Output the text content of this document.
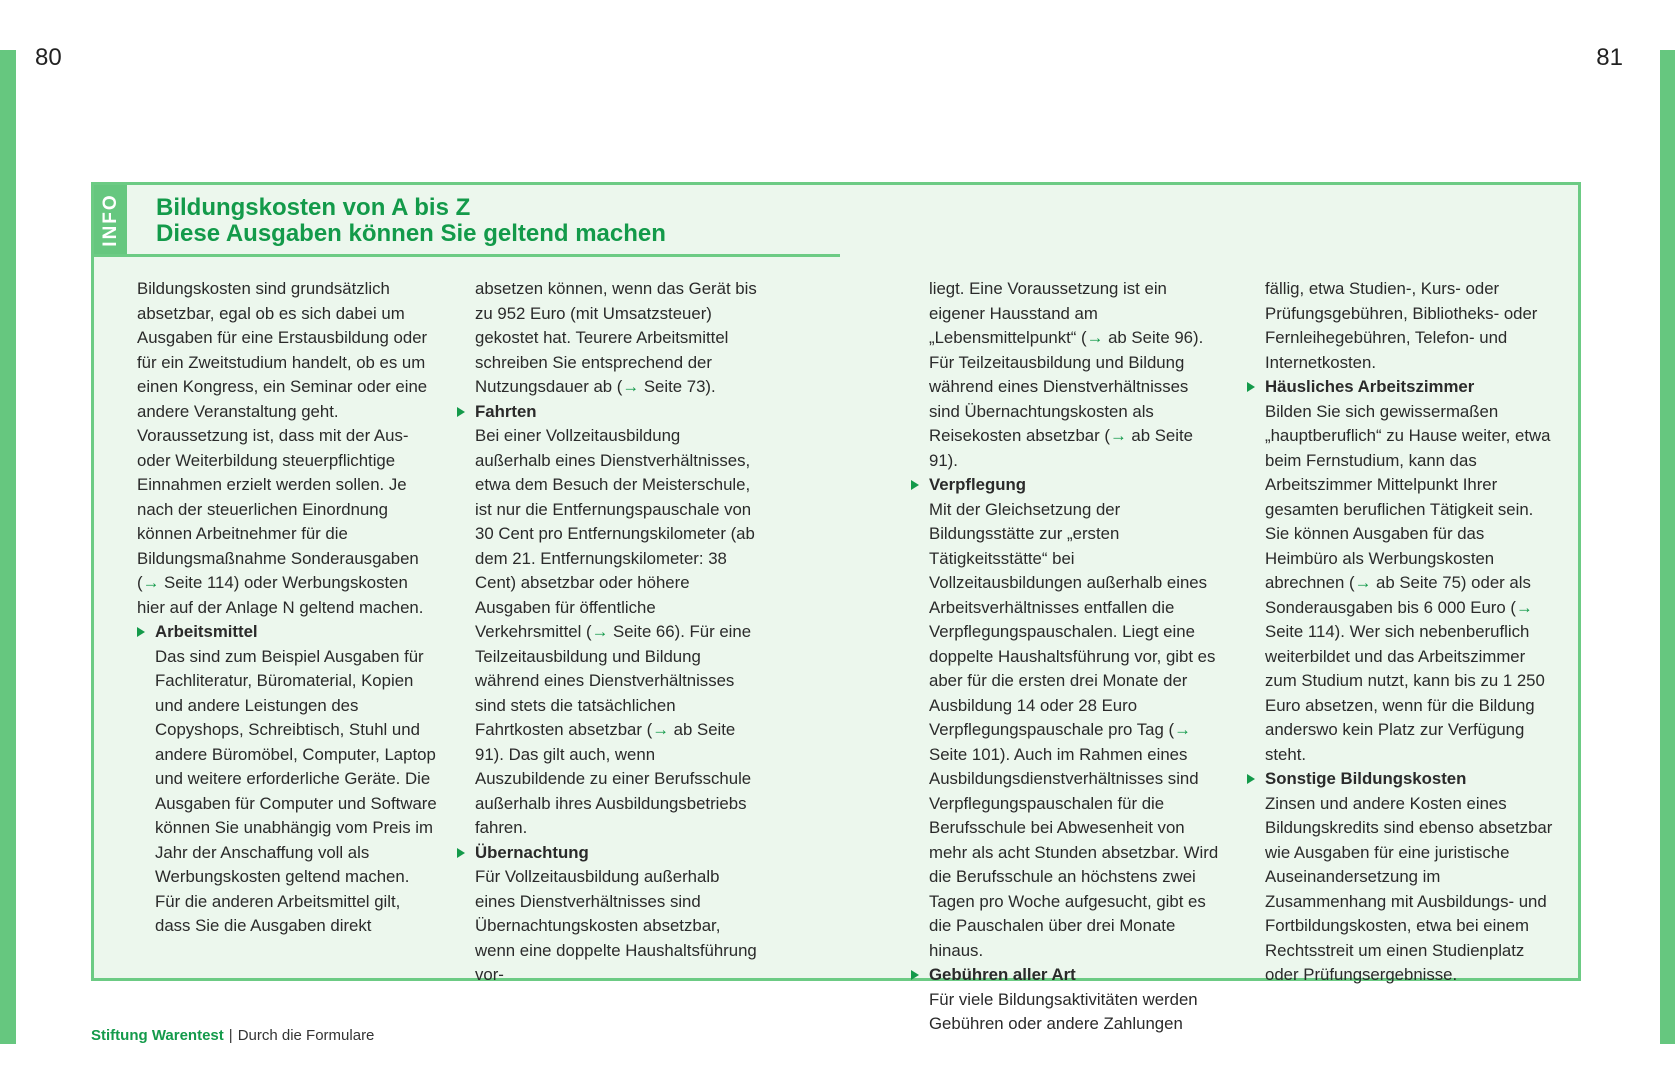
80	81
INFO Bildungskosten von A bis Z
Diese Ausgaben können Sie geltend machen

Bildungskosten sind grundsätzlich absetzbar, egal ob es sich dabei um Ausgaben für eine Erstausbildung oder für ein Zweitstudium handelt, ob es um einen Kongress, ein Seminar oder eine andere Veranstaltung geht. Voraussetzung ist, dass mit der Aus- oder Weiterbildung steuerpflichtige Einnahmen erzielt werden sollen. Je nach der steuerlichen Einordnung können Arbeitnehmer für die Bildungsmaßnahme Sonderausgaben (→ Seite 114) oder Werbungskosten hier auf der Anlage N geltend machen.

Arbeitsmittel
Das sind zum Beispiel Ausgaben für Fachliteratur, Büromaterial, Kopien und andere Leistungen des Copyshops, Schreibtisch, Stuhl und andere Büromöbel, Computer, Laptop und weitere erforderliche Geräte. Die Ausgaben für Computer und Software können Sie unabhängig vom Preis im Jahr der Anschaffung voll als Werbungskosten geltend machen. Für die anderen Arbeitsmittel gilt, dass Sie die Ausgaben direkt
absetzen können, wenn das Gerät bis zu 952 Euro (mit Umsatzsteuer) gekostet hat. Teurere Arbeitsmittel schreiben Sie entsprechend der Nutzungsdauer ab (→ Seite 73).
Fahrten
Bei einer Vollzeitausbildung außerhalb eines Dienstverhältnisses, etwa dem Besuch der Meisterschule, ist nur die Entfernungspauschale von 30 Cent pro Entfernungskilometer (ab dem 21. Entfernungskilometer: 38 Cent) absetzbar oder höhere Ausgaben für öffentliche Verkehrsmittel (→ Seite 66). Für eine Teilzeitausbildung und Bildung während eines Dienstverhältnisses sind stets die tatsächlichen Fahrtkosten absetzbar (→ ab Seite 91). Das gilt auch, wenn Auszubildende zu einer Berufsschule außerhalb ihres Ausbildungsbetriebs fahren.
Übernachtung
Für Vollzeitausbildung außerhalb eines Dienstverhältnisses sind Übernachtungskosten absetzbar, wenn eine doppelte Haushaltsführung vor-
liegt. Eine Voraussetzung ist ein eigener Hausstand am „Lebensmittelpunkt“ (→ ab Seite 96). Für Teilzeitausbildung und Bildung während eines Dienstverhältnisses sind Übernachtungskosten als Reisekosten absetzbar (→ ab Seite 91).
Verpflegung
Mit der Gleichsetzung der Bildungsstätte zur „ersten Tätigkeitsstätte“ bei Vollzeitausbildungen außerhalb eines Arbeitsverhältnisses entfallen die Verpflegungspauschalen. Liegt eine doppelte Haushaltsführung vor, gibt es aber für die ersten drei Monate der Ausbildung 14 oder 28 Euro Verpflegungspauschale pro Tag (→ Seite 101). Auch im Rahmen eines Ausbildungsdienstverhältnisses sind Verpflegungspauschalen für die Berufsschule bei Abwesenheit von mehr als acht Stunden absetzbar. Wird die Berufsschule an höchstens zwei Tagen pro Woche aufgesucht, gibt es die Pauschalen über drei Monate hinaus.
Gebühren aller Art
Für viele Bildungsaktivitäten werden Gebühren oder andere Zahlungen
fällig, etwa Studien-, Kurs- oder Prüfungsgebühren, Bibliotheks- oder Fernleihegebühren, Telefon- und Internetkosten.
Häusliches Arbeitszimmer
Bilden Sie sich gewissermaßen „hauptberuflich“ zu Hause weiter, etwa beim Fernstudium, kann das Arbeitszimmer Mittelpunkt Ihrer gesamten beruflichen Tätigkeit sein. Sie können Ausgaben für das Heimbüro als Werbungskosten abrechnen (→ ab Seite 75) oder als Sonderausgaben bis 6 000 Euro (→ Seite 114). Wer sich nebenberuflich weiterbildet und das Arbeitszimmer zum Studium nutzt, kann bis zu 1 250 Euro absetzen, wenn für die Bildung anderswo kein Platz zur Verfügung steht.
Sonstige Bildungskosten
Zinsen und andere Kosten eines Bildungskredits sind ebenso absetzbar wie Ausgaben für eine juristische Auseinandersetzung im Zusammenhang mit Ausbildungs- und Fortbildungskosten, etwa bei einem Rechtsstreit um einen Studienplatz oder Prüfungsergebnisse.
Stiftung Warentest | Durch die Formulare
